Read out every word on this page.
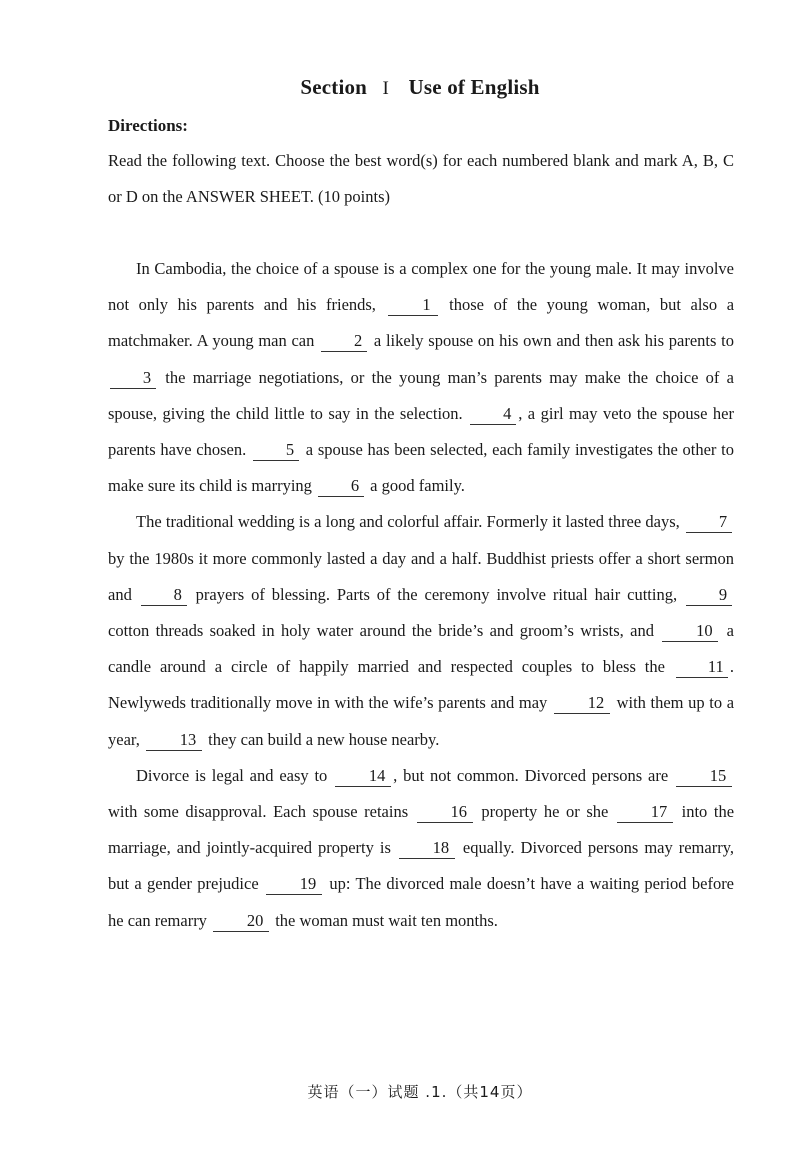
Section I Use of English
Directions:
Read the following text. Choose the best word(s) for each numbered blank and mark A, B, C or D on the ANSWER SHEET. (10 points)

In Cambodia, the choice of a spouse is a complex one for the young male. It may involve not only his parents and his friends,	1 those of the young woman, but also a matchmaker. A young man can 2 a likely spouse on his own and then ask his parents to 3 the marriage negotiations, or the young man’s parents may make the choice of a spouse, giving the child little to say in the selection. 4 , a girl may veto the spouse her parents have chosen. 5 a spouse has been selected, each family investigates the other to make sure its child is marrying 6 a good family.

The traditional wedding is a long and colorful affair. Formerly it lasted three days, 7 by the 1980s it more commonly lasted a day and a half. Buddhist priests offer a short sermon and	8 prayers of blessing. Parts of the ceremony involve ritual hair cutting,	9 cotton threads soaked in holy water around the bride’s and groom’s wrists, and	10 a candle around a circle of happily married and respected couples to bless the	11 . Newlyweds traditionally move in with the wife’s parents and may 12 with them up to a year, 13 they can build a new house nearby.

Divorce is legal and easy to	14 , but not common. Divorced persons are	15 with some disapproval. Each spouse retains	16 property he or she	17 into the marriage, and jointly-acquired property is	18 equally. Divorced persons may remarry, but a gender prejudice 19 up: The divorced male doesn’t have a waiting period before he can remarry 20 the woman must wait ten months.

英语（一）试题 .1.（共14页）
